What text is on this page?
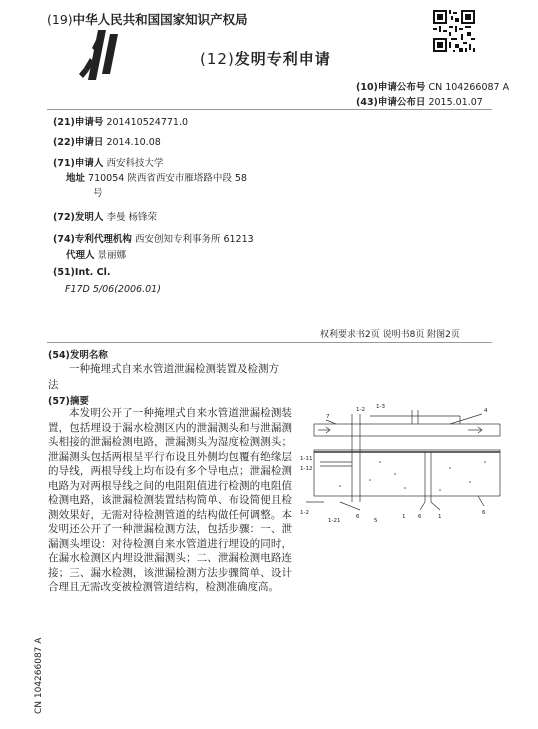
(19)中华人民共和国国家知识产权局
(12)发明专利申请
(10)申请公布号 CN 104266087 A
(43)申请公布日 2015.01.07
(21)申请号 201410524771.0
(22)申请日 2014.10.08
(71)申请人 西安科技大学
地址 710054 陕西省西安市雁塔路中段 58
号
(72)发明人 李曼 杨锋荣
(74)专利代理机构 西安创知专利事务所 61213
代理人 景丽娜
(51)Int. Cl.
F17D 5/06(2006.01)
权利要求书2页 说明书8页 附图2页
(54)发明名称
一种掩埋式自来水管道泄漏检测装置及检测方法
(57)摘要

本发明公开了一种掩埋式自来水管道泄漏检测装置，包括埋设于漏水检测区内的泄漏测头和与泄漏测头相接的泄漏检测电路，泄漏测头为湿度检测测头；泄漏测头包括两根呈平行布设且外侧均包覆有绝缘层的导线，两根导线上均布设有多个导电点；泄漏检测电路为对两根导线之间的电阻阻值进行检测的电阻值检测电路，该泄漏检测装置结构简单、布设简便且检测效果好，无需对待检测管道的结构做任何调整。本发明还公开了一种泄漏检测方法，包括步骤：一、泄漏测头埋设：对待检测自来水管道进行埋设的同时，在漏水检测区内埋设泄漏测头；二、泄漏检测电路连接；三、漏水检测，该泄漏检测方法步骤简单、设计合理且无需改变被检测管道结构，检测准确度高。

7
1-2 1-3
4
1-11
1-12
1-2
1-21
6
5
1 6	1
6
CN 104266087 A
